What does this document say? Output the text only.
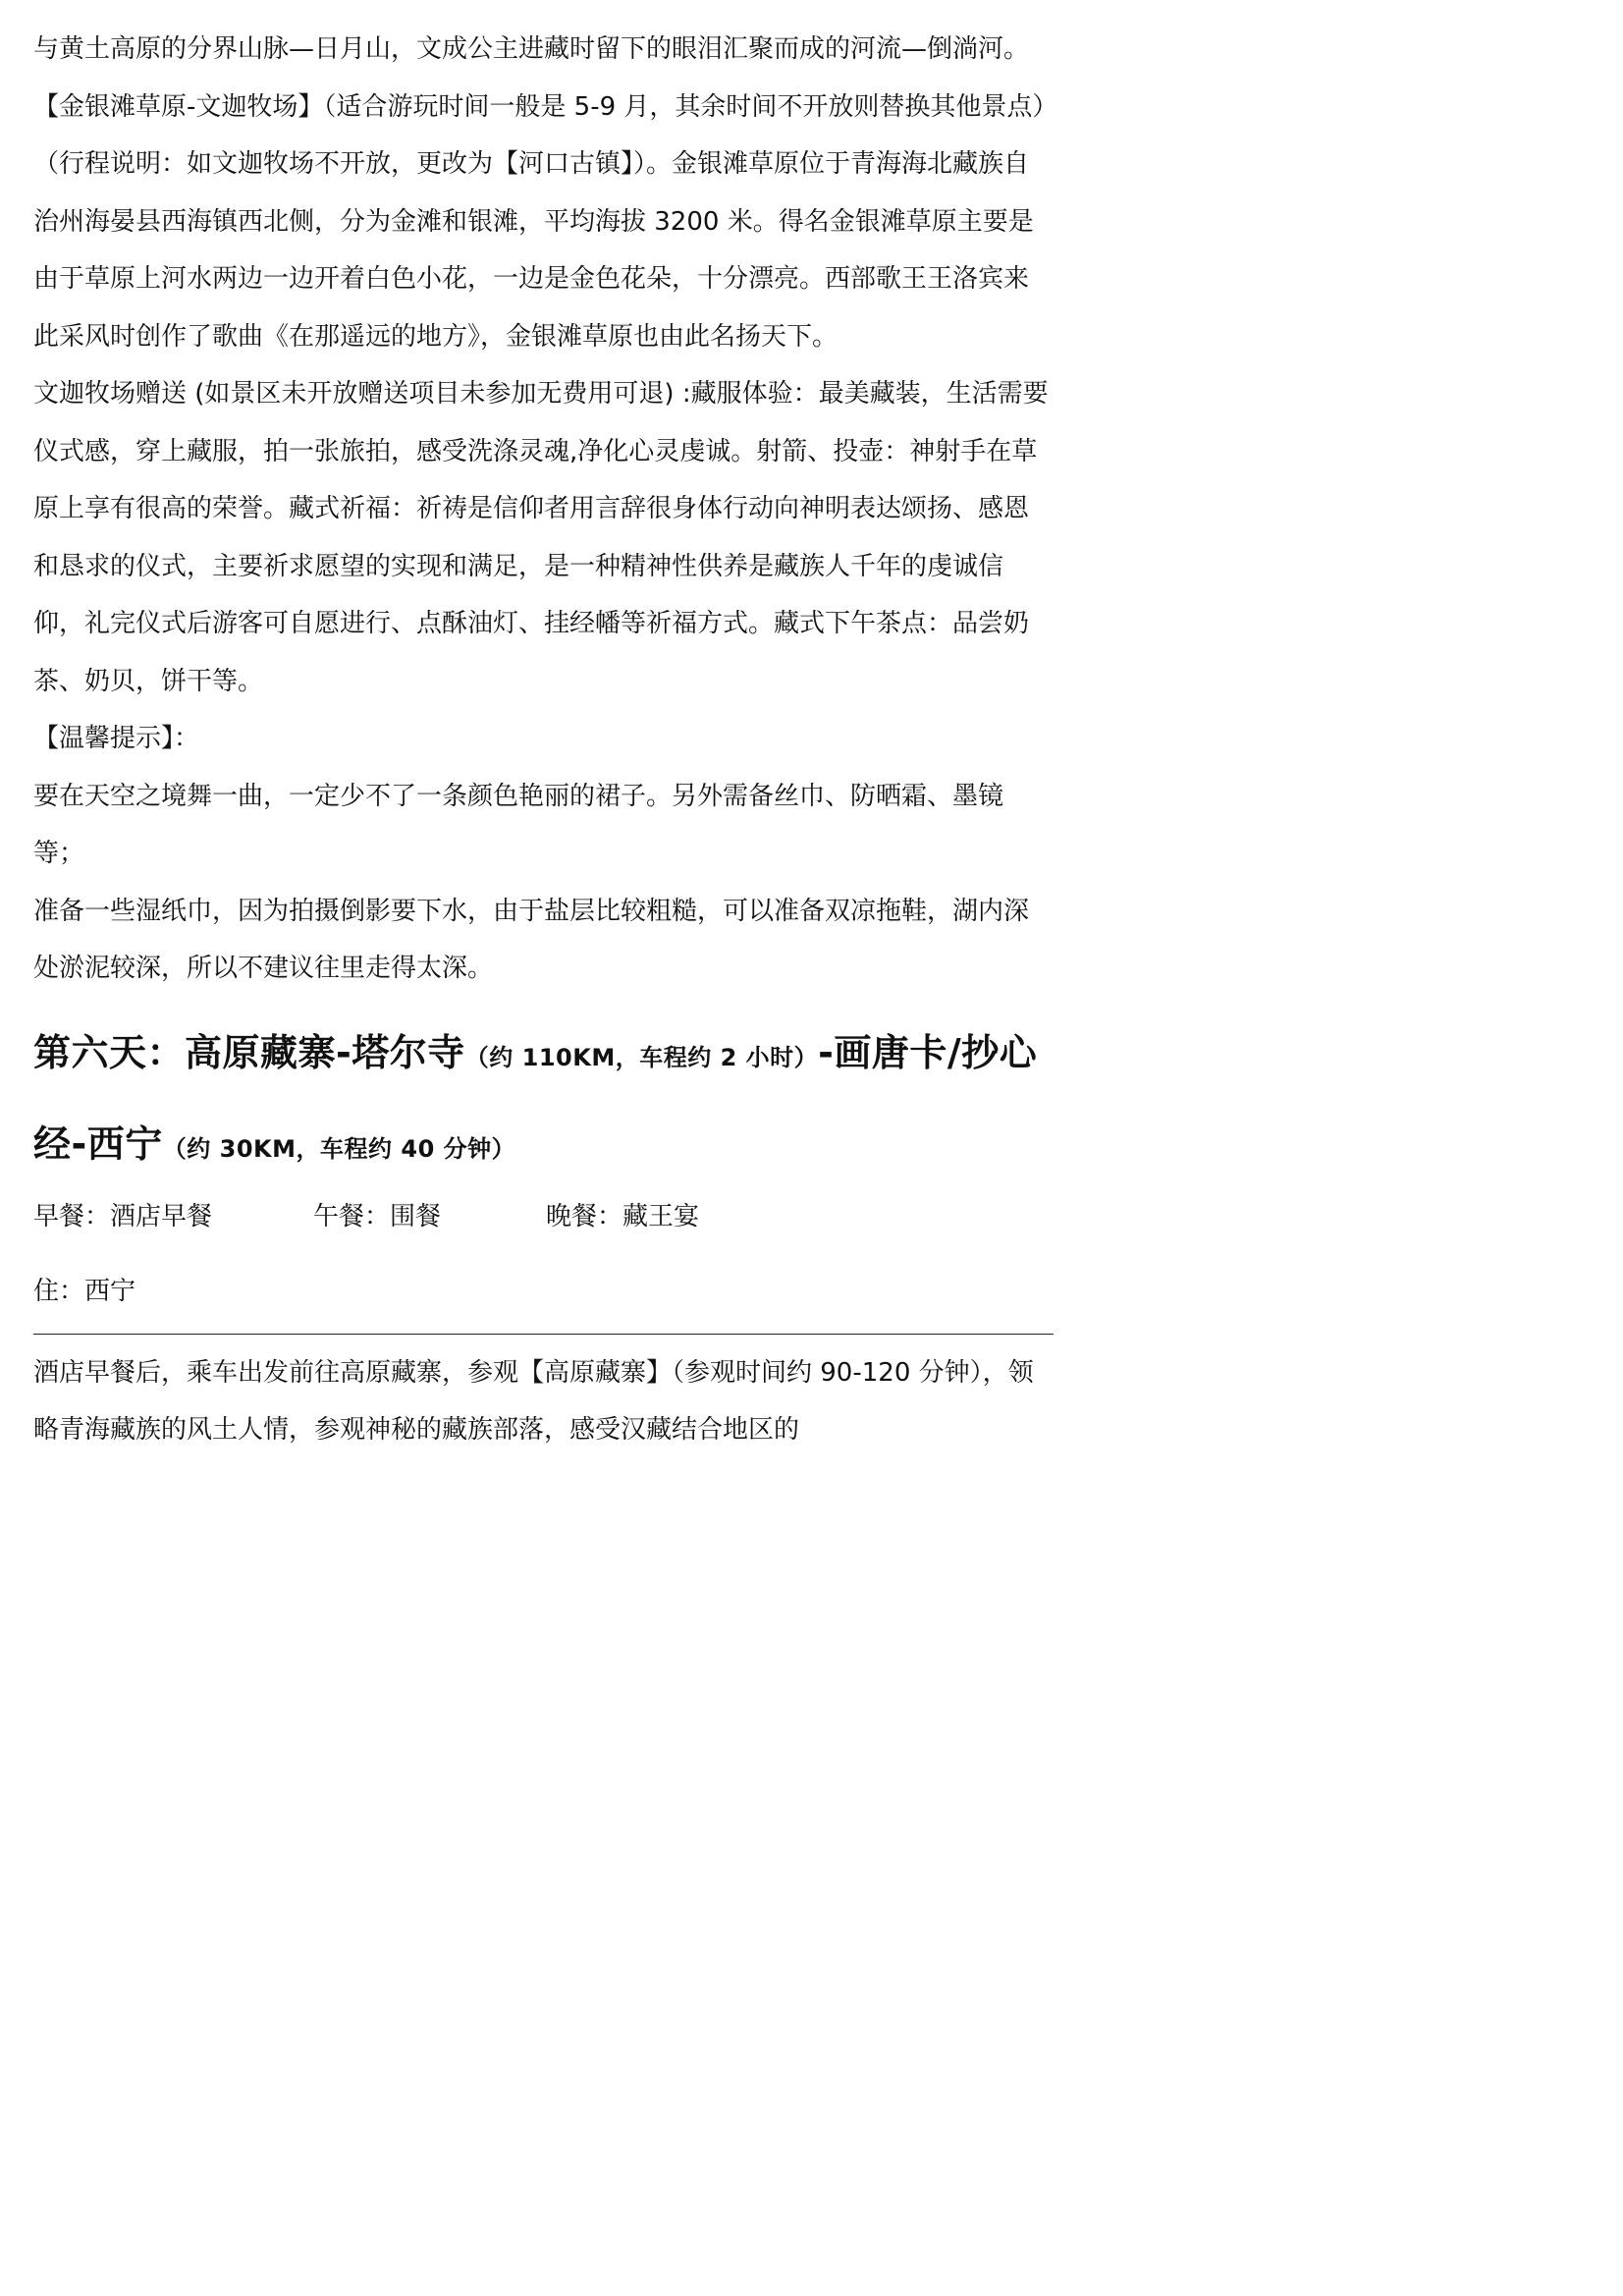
与黄土高原的分界山脉—日月山，文成公主进藏时留下的眼泪汇聚而成的河流—倒淌河。

【金银滩草原-文迦牧场】（适合游玩时间一般是 5-9 月，其余时间不开放则替换其他景点）（行程说明：如文迦牧场不开放，更改为【河口古镇】）。金银滩草原位于青海海北藏族自治州海晏县西海镇西北侧，分为金滩和银滩，平均海拔 3200 米。得名金银滩草原主要是由于草原上河水两边一边开着白色小花，一边是金色花朵，十分漂亮。西部歌王王洛宾来此采风时创作了歌曲《在那遥远的地方》，金银滩草原也由此名扬天下。

文迦牧场赠送 (如景区未开放赠送项目未参加无费用可退) :藏服体验：最美藏装，生活需要仪式感，穿上藏服，拍一张旅拍，感受洗涤灵魂,净化心灵虔诚。射箭、投壶：神射手在草原上享有很高的荣誉。藏式祈福：祈祷是信仰者用言辞很身体行动向神明表达颂扬、感恩和恳求的仪式，主要祈求愿望的实现和满足，是一种精神性供养是藏族人千年的虔诚信仰，礼完仪式后游客可自愿进行、点酥油灯、挂经幡等祈福方式。藏式下午茶点：品尝奶茶、奶贝，饼干等。

【温馨提示】：

要在天空之境舞一曲，一定少不了一条颜色艳丽的裙子。另外需备丝巾、防晒霜、墨镜等；

准备一些湿纸巾，因为拍摄倒影要下水，由于盐层比较粗糙，可以准备双凉拖鞋，湖内深处淤泥较深，所以不建议往里走得太深。

第六天：高原藏寨-塔尔寺（约 110KM，车程约 2 小时）-画唐卡/抄心经-西宁（约 30KM，车程约 40 分钟）
早餐：酒店早餐	午餐：围餐	晚餐：藏王宴
住：西宁

酒店早餐后，乘车出发前往高原藏寨，参观【高原藏寨】（参观时间约 90-120 分钟），领略青海藏族的风土人情，参观神秘的藏族部落，感受汉藏结合地区的
